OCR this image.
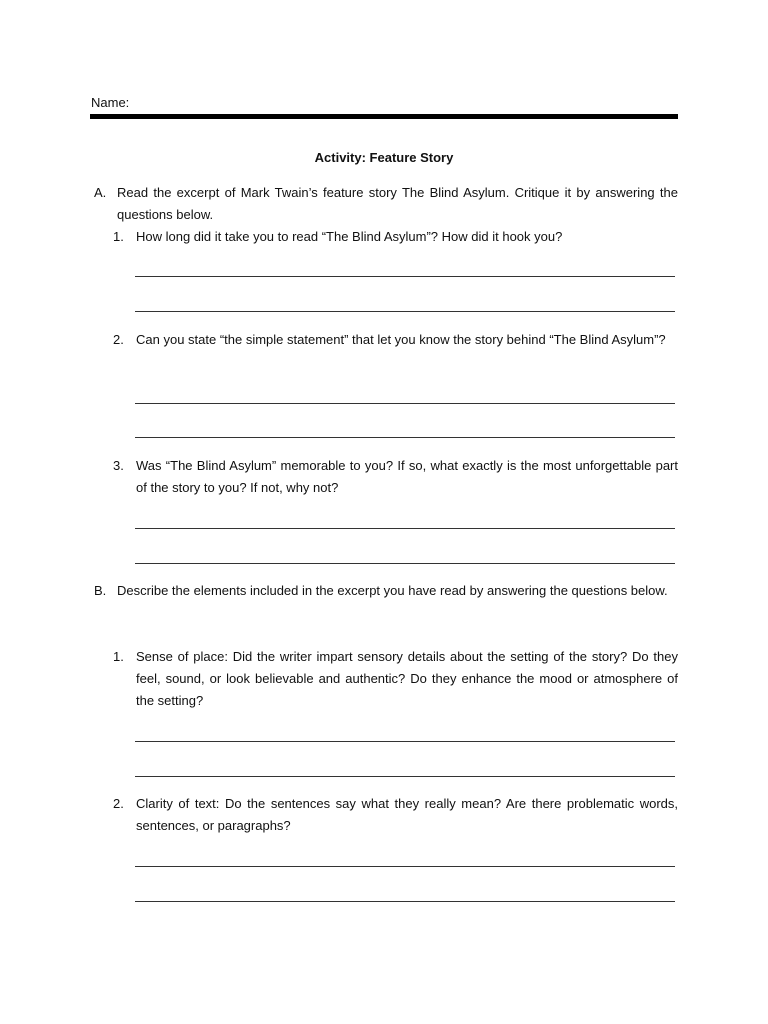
Name:
Activity: Feature Story
A. Read the excerpt of Mark Twain’s feature story The Blind Asylum. Critique it by answering the questions below.
1. How long did it take you to read “The Blind Asylum”? How did it hook you?
2. Can you state “the simple statement” that let you know the story behind “The Blind Asylum”?
3. Was “The Blind Asylum” memorable to you? If so, what exactly is the most unforgettable part of the story to you? If not, why not?
B. Describe the elements included in the excerpt you have read by answering the questions below.
1. Sense of place: Did the writer impart sensory details about the setting of the story? Do they feel, sound, or look believable and authentic? Do they enhance the mood or atmosphere of the setting?
2. Clarity of text: Do the sentences say what they really mean? Are there problematic words, sentences, or paragraphs?
